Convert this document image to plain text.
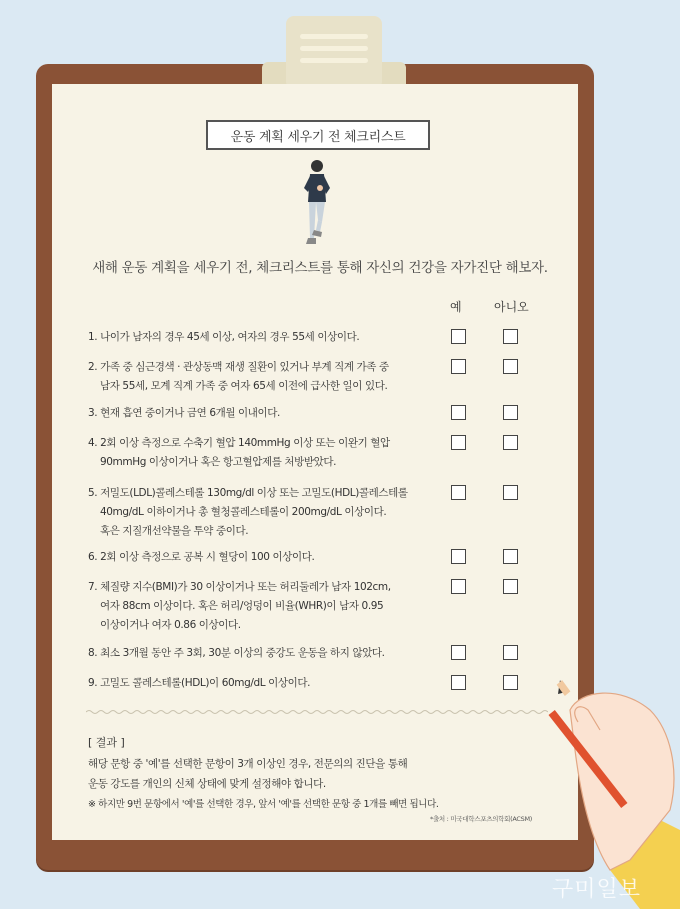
운동 계획 세우기 전 체크리스트
새해 운동 계획을 세우기 전, 체크리스트를 통해 자신의 건강을 자가진단 해보자.
예	아니오
1. 나이가 남자의 경우 45세 이상, 여자의 경우 55세 이상이다.
2. 가족 중 심근경색 · 관상동맥 재생 질환이 있거나 부계 직계 가족 중
남자 55세, 모계 직계 가족 중 여자 65세 이전에 급사한 일이 있다.
3. 현재 흡연 중이거나 금연 6개월 이내이다.
4. 2회 이상 측정으로 수축기 혈압 140mmHg 이상 또는 이완기 혈압
90mmHg 이상이거나 혹은 항고혈압제를 처방받았다.
5. 저밀도(LDL)콜레스테롤 130mg/dl 이상 또는 고밀도(HDL)콜레스테롤
40mg/dL 이하이거나 총 혈청콜레스테롤이 200mg/dL 이상이다.
혹은 지질개선약물을 투약 중이다.
6. 2회 이상 측정으로 공복 시 혈당이 100 이상이다.
7. 체질량 지수(BMI)가 30 이상이거나 또는 허리둘레가 남자 102cm,
여자 88cm 이상이다. 혹은 허리/엉덩이 비율(WHR)이 남자 0.95
이상이거나 여자 0.86 이상이다.
8. 최소 3개월 동안 주 3회, 30분 이상의 중강도 운동을 하지 않았다.
9. 고밀도 콜레스테롤(HDL)이 60mg/dL 이상이다.
[ 결과 ]
해당 문항 중 '예'를 선택한 문항이 3개 이상인 경우, 전문의의 진단을 통해
운동 강도를 개인의 신체 상태에 맞게 설정해야 합니다.
※ 하지만 9번 문항에서 '예'를 선택한 경우, 앞서 '예'를 선택한 문항 중 1개를 빼면 됩니다.
*출처 : 미국대학스포츠의학회(ACSM)
구미일보
